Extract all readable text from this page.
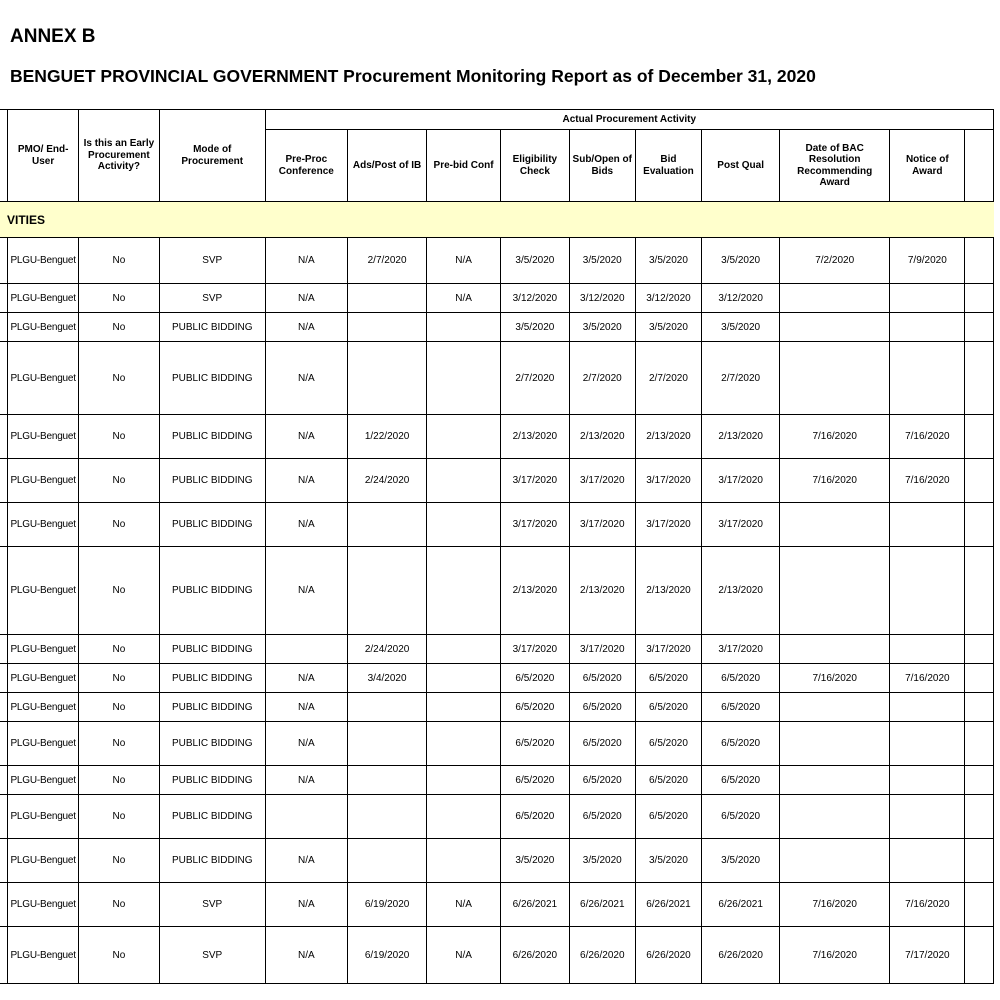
ANNEX B
BENGUET PROVINCIAL GOVERNMENT Procurement Monitoring Report as of December 31, 2020
	PMO/ End-User	Is this an Early Procurement Activity?	Mode of Procurement	Actual Procurement Activity									
				Pre-Proc Conference	Ads/Post of IB	Pre-bid Conf	Eligibility Check	Sub/Open of Bids	Bid Evaluation	Post Qual	Date of BAC Resolution Recommending Award	Notice of Award	
VITIES													
	PLGU-Benguet	No	SVP	N/A	2/7/2020	N/A	3/5/2020	3/5/2020	3/5/2020	3/5/2020	7/2/2020	7/9/2020	
	PLGU-Benguet	No	SVP	N/A		N/A	3/12/2020	3/12/2020	3/12/2020	3/12/2020			
	PLGU-Benguet	No	PUBLIC BIDDING	N/A			3/5/2020	3/5/2020	3/5/2020	3/5/2020			
	PLGU-Benguet	No	PUBLIC BIDDING	N/A			2/7/2020	2/7/2020	2/7/2020	2/7/2020			
	PLGU-Benguet	No	PUBLIC BIDDING	N/A	1/22/2020		2/13/2020	2/13/2020	2/13/2020	2/13/2020	7/16/2020	7/16/2020	
	PLGU-Benguet	No	PUBLIC BIDDING	N/A	2/24/2020		3/17/2020	3/17/2020	3/17/2020	3/17/2020	7/16/2020	7/16/2020	
	PLGU-Benguet	No	PUBLIC BIDDING	N/A			3/17/2020	3/17/2020	3/17/2020	3/17/2020			
	PLGU-Benguet	No	PUBLIC BIDDING	N/A			2/13/2020	2/13/2020	2/13/2020	2/13/2020			
	PLGU-Benguet	No	PUBLIC BIDDING		2/24/2020		3/17/2020	3/17/2020	3/17/2020	3/17/2020			
	PLGU-Benguet	No	PUBLIC BIDDING	N/A	3/4/2020		6/5/2020	6/5/2020	6/5/2020	6/5/2020	7/16/2020	7/16/2020	
	PLGU-Benguet	No	PUBLIC BIDDING	N/A			6/5/2020	6/5/2020	6/5/2020	6/5/2020			
	PLGU-Benguet	No	PUBLIC BIDDING	N/A			6/5/2020	6/5/2020	6/5/2020	6/5/2020			
	PLGU-Benguet	No	PUBLIC BIDDING	N/A			6/5/2020	6/5/2020	6/5/2020	6/5/2020			
	PLGU-Benguet	No	PUBLIC BIDDING				6/5/2020	6/5/2020	6/5/2020	6/5/2020			
	PLGU-Benguet	No	PUBLIC BIDDING	N/A			3/5/2020	3/5/2020	3/5/2020	3/5/2020			
	PLGU-Benguet	No	SVP	N/A	6/19/2020	N/A	6/26/2021	6/26/2021	6/26/2021	6/26/2021	7/16/2020	7/16/2020	
	PLGU-Benguet	No	SVP	N/A	6/19/2020	N/A	6/26/2020	6/26/2020	6/26/2020	6/26/2020	7/16/2020	7/17/2020	
